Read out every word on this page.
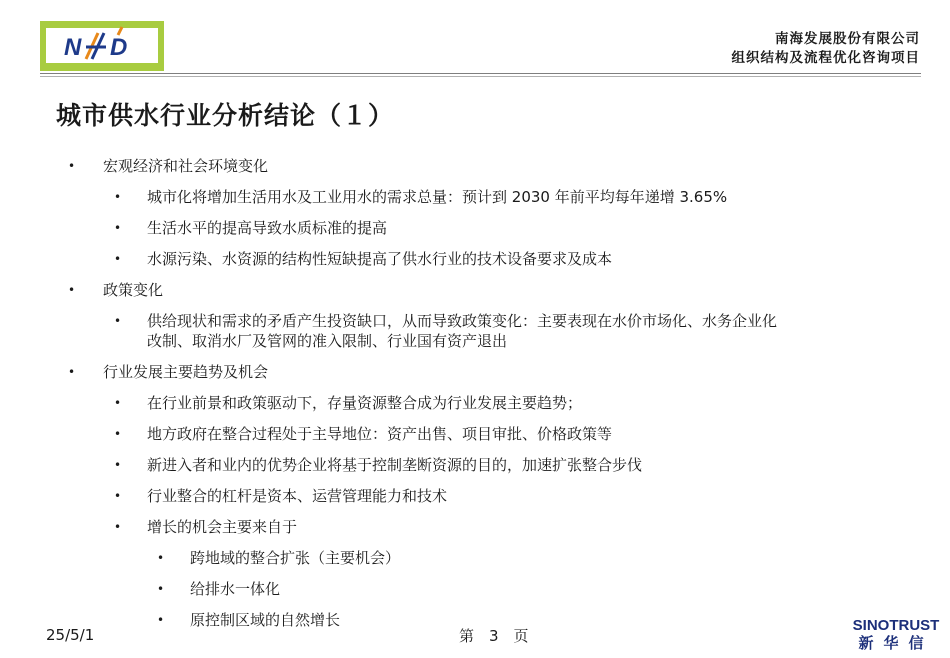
N D	南海发展股份有限公司
组织结构及流程优化咨询项目
城市供水行业分析结论（１）
• 宏观经济和社会环境变化
• 城市化将增加生活用水及工业用水的需求总量：预计到 2030 年前平均每年递增 3.65%
• 生活水平的提高导致水质标准的提高
• 水源污染、水资源的结构性短缺提高了供水行业的技术设备要求及成本
• 政策变化
• 供给现状和需求的矛盾产生投资缺口，从而导致政策变化：主要表现在水价市场化、水务企业化
改制、取消水厂及管网的准入限制、行业国有资产退出
• 行业发展主要趋势及机会
• 在行业前景和政策驱动下，存量资源整合成为行业发展主要趋势；
• 地方政府在整合过程处于主导地位：资产出售、项目审批、价格政策等
• 新进入者和业内的优势企业将基于控制垄断资源的目的，加速扩张整合步伐
• 行业整合的杠杆是资本、运营管理能力和技术
• 增长的机会主要来自于
• 跨地域的整合扩张（主要机会）
• 给排水一体化
• 原控制区域的自然增长
25/5/1	第　3　页
SINOTRUST
新华信
